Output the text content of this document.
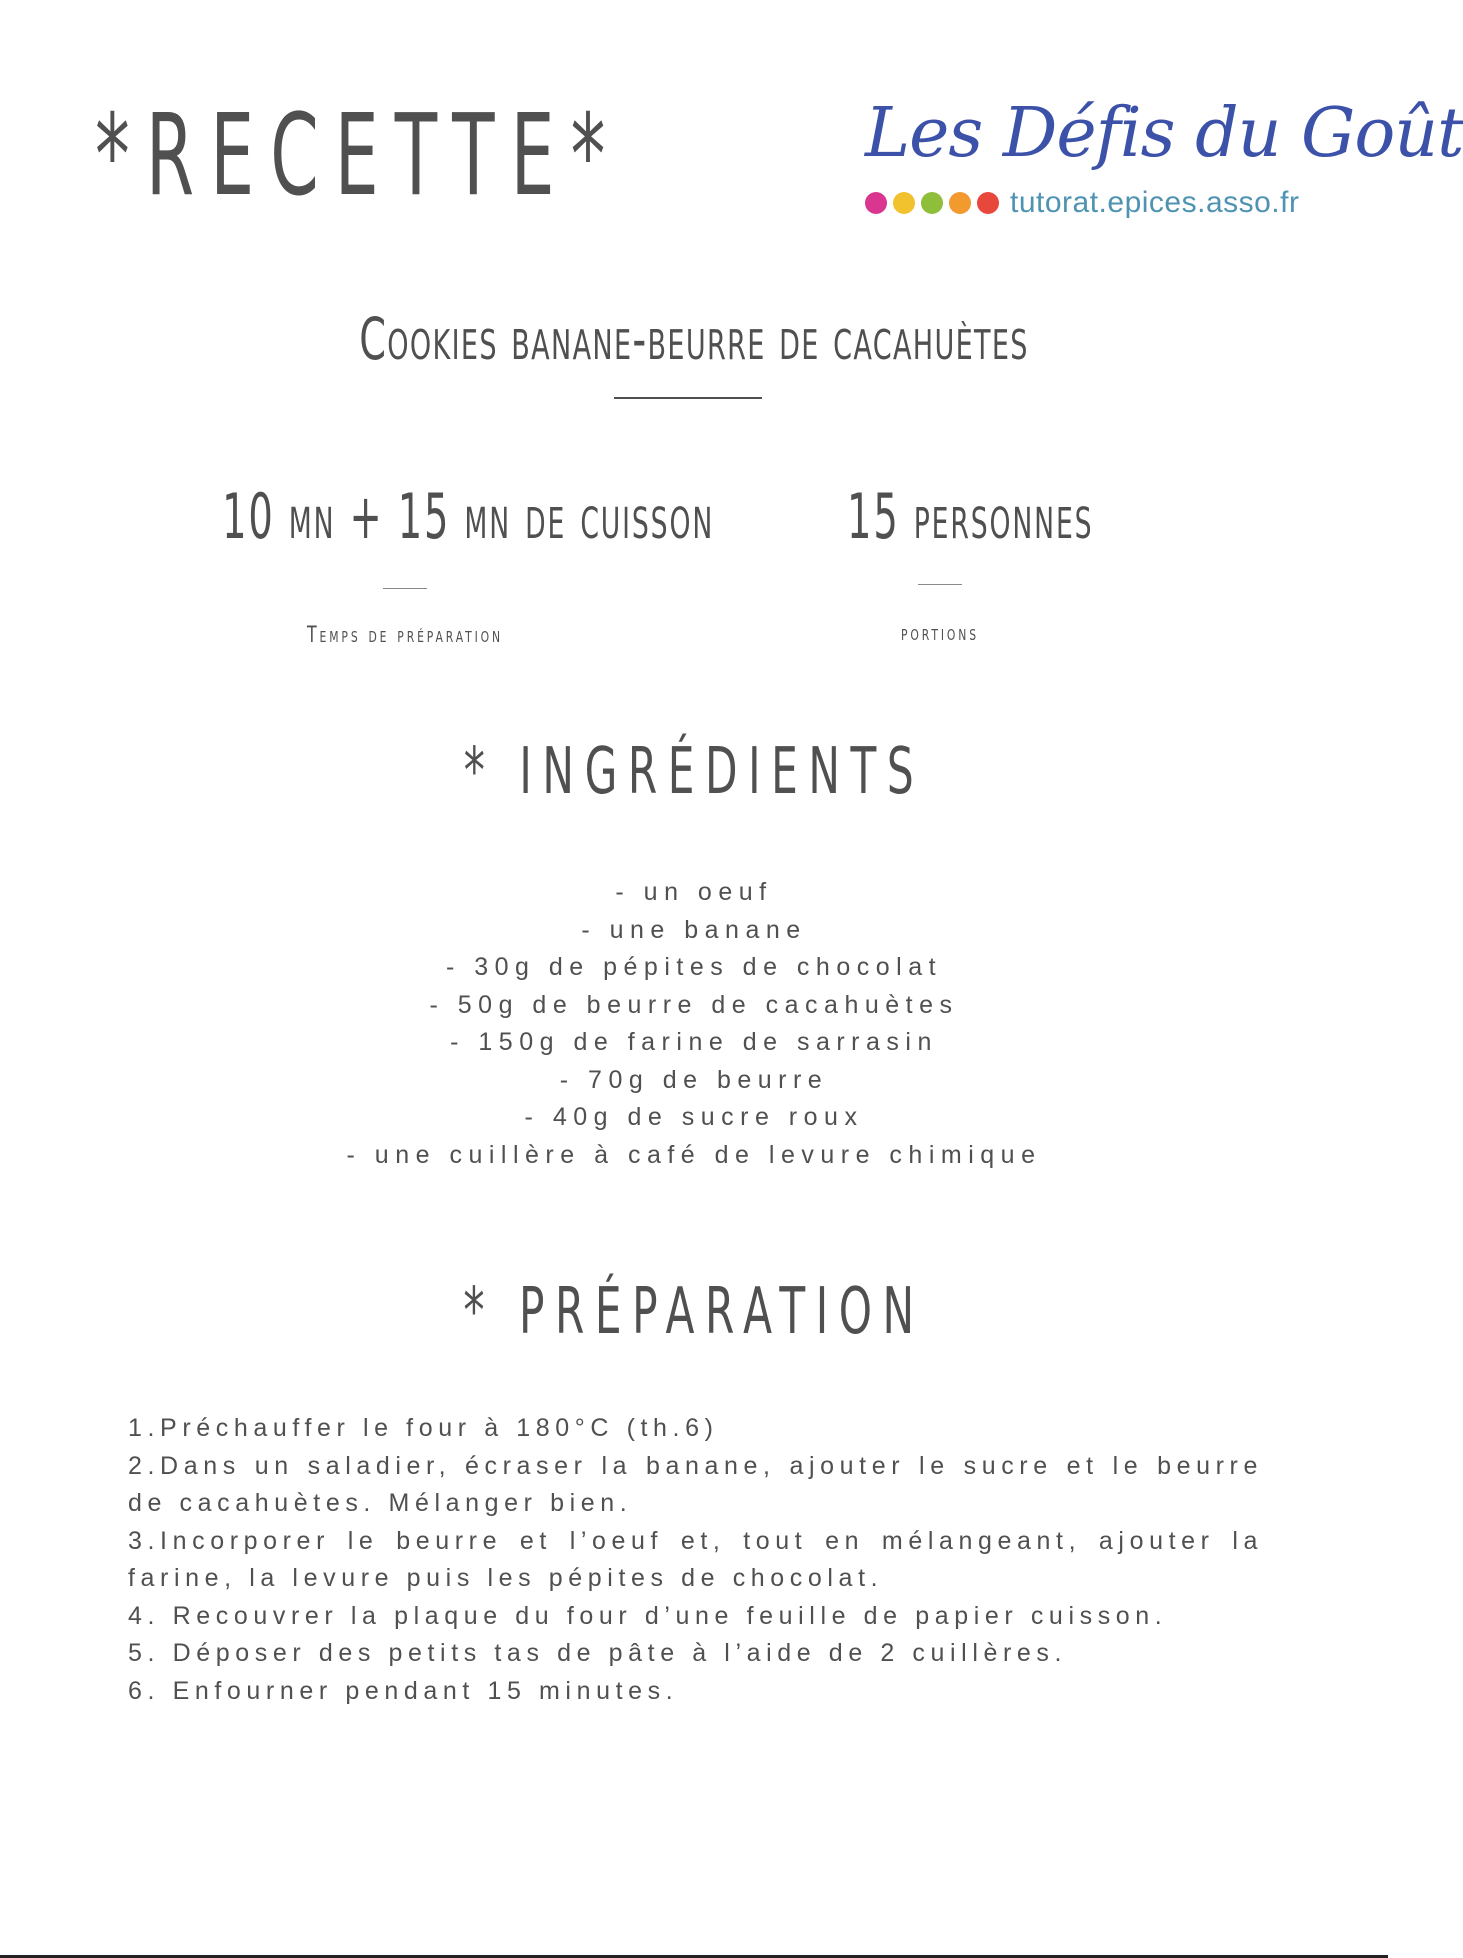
*RECETTE*	Les Défis du Goût
tutorat.epices.asso.fr
Cookies banane-beurre de cacahuètes
10 mn + 15 mn de cuisson
Temps de préparation
15 personnes
portions
* INGRÉDIENTS
- un oeuf
- une banane
- 30g de pépites de chocolat
- 50g de beurre de cacahuètes
- 150g de farine de sarrasin
- 70g de beurre
- 40g de sucre roux
- une cuillère à café de levure chimique
* PRÉPARATION
1.Préchauffer le four à 180°C (th.6)
2.Dans un saladier, écraser la banane, ajouter le sucre et le beurre de cacahuètes. Mélanger bien.
3.Incorporer le beurre et l’oeuf et, tout en mélangeant, ajouter la farine, la levure puis les pépites de chocolat.
4. Recouvrer la plaque du four d’une feuille de papier cuisson.
5. Déposer des petits tas de pâte à l’aide de 2 cuillères.
6. Enfourner pendant 15 minutes.
